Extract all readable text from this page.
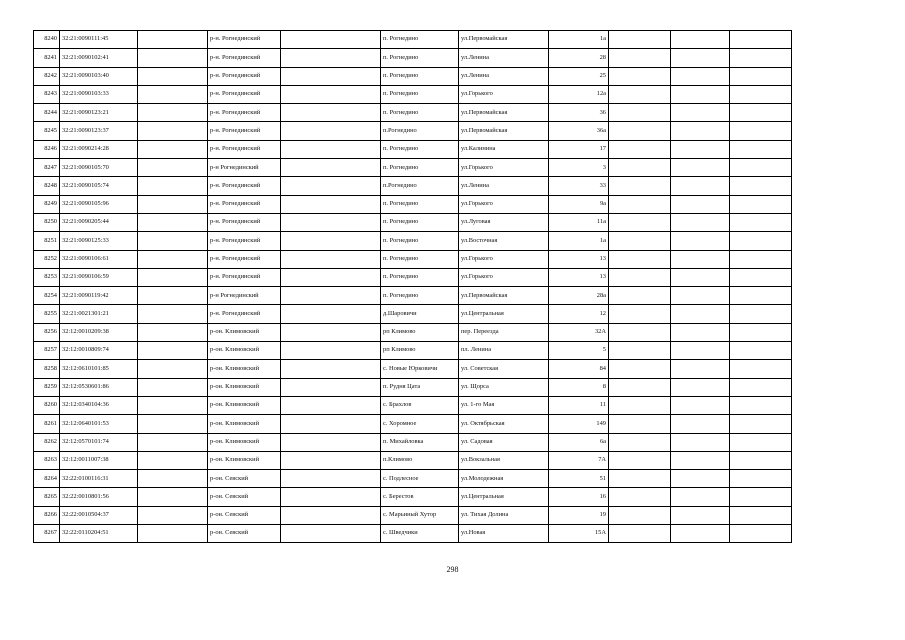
8240	32:21:0090111:45		р-н. Рогнединский		п. Рогнедино	ул.Первомайская	1а			
8241	32:21:0090102:41		р-н. Рогнединский		п. Рогнедино	ул.Ленина	28			
8242	32:21:0090103:40		р-н. Рогнединский		п. Рогнедино	ул.Ленина	25			
8243	32:21:0090103:33		р-н. Рогнединский		п. Рогнедино	ул.Горького	12а			
8244	32:21:0090123:21		р-н. Рогнединский		п. Рогнедино	ул.Первомайская	36			
8245	32:21:0090123:37		р-н. Рогнединский		п.Рогнедино	ул.Первомайская	36а			
8246	32:21:0090214:28		р-н. Рогнединский		п. Рогнедино	ул.Калинина	17			
8247	32:21:0090105:70		р-н Рогнединский		п. Рогнедино	ул.Горького	3			
8248	32:21:0090105:74		р-н. Рогнединский		п.Рогнедино	ул.Ленина	33			
8249	32:21:0090105:96		р-н. Рогнединский		п. Рогнедино	ул.Горького	9а			
8250	32:21:0090205:44		р-н. Рогнединский		п. Рогнедино	ул.Луговая	11а			
8251	32:21:0090125:33		р-н. Рогнединский		п. Рогнедино	ул.Восточная	1а			
8252	32:21:0090106:61		р-н. Рогнединский		п. Рогнедино	ул.Горького	13			
8253	32:21:0090106:59		р-н. Рогнединский		п. Рогнедино	ул.Горького	13			
8254	32:21:0090119:42		р-н Рогнединский		п. Рогнедино	ул.Первомайская	28а			
8255	32:21:0021301:21		р-н. Рогнединский		д.Шаровичи	ул.Центральная	12			
8256	32:12:0010209:38		р-он. Климовский		рп Климово	пер. Переезда	32А			
8257	32:12:0010809:74		р-он. Климовский		рп Климово	пл. Ленина	5			
8258	32:12:0610101:85		р-он. Климовский		с. Новые Юрковичи	ул. Советская	84			
8259	32:12:0530601:86		р-он. Климовский		п. Рудня Цата	ул. Щорса	8			
8260	32:12:0340104:36		р-он. Климовский		с. Брахлов	ул. 1-го Мая	11			
8261	32:12:0640101:53		р-он. Климовский		с. Хоромное	ул. Октябрьская	149			
8262	32:12:0570101:74		р-он. Климовский		п. Михайловка	ул. Садовая	6а			
8263	32:12:0011007:38		р-он. Климовский		п.Климово	ул.Вокзальная	7А			
8264	32:22:0100116:31		р-он. Севский		с. Подлесное	ул.Молодежная	51			
8265	32:22:0010801:56		р-он. Севский		с. Берестов	ул.Центральная	16			
8266	32:22:0010504:37		р-он. Севский		с. Марьиный Хутор	ул. Тихая Долина	19			
8267	32:22:0110204:51		р-он. Севский		с. Шведчики	ул.Новая	15А			
298
